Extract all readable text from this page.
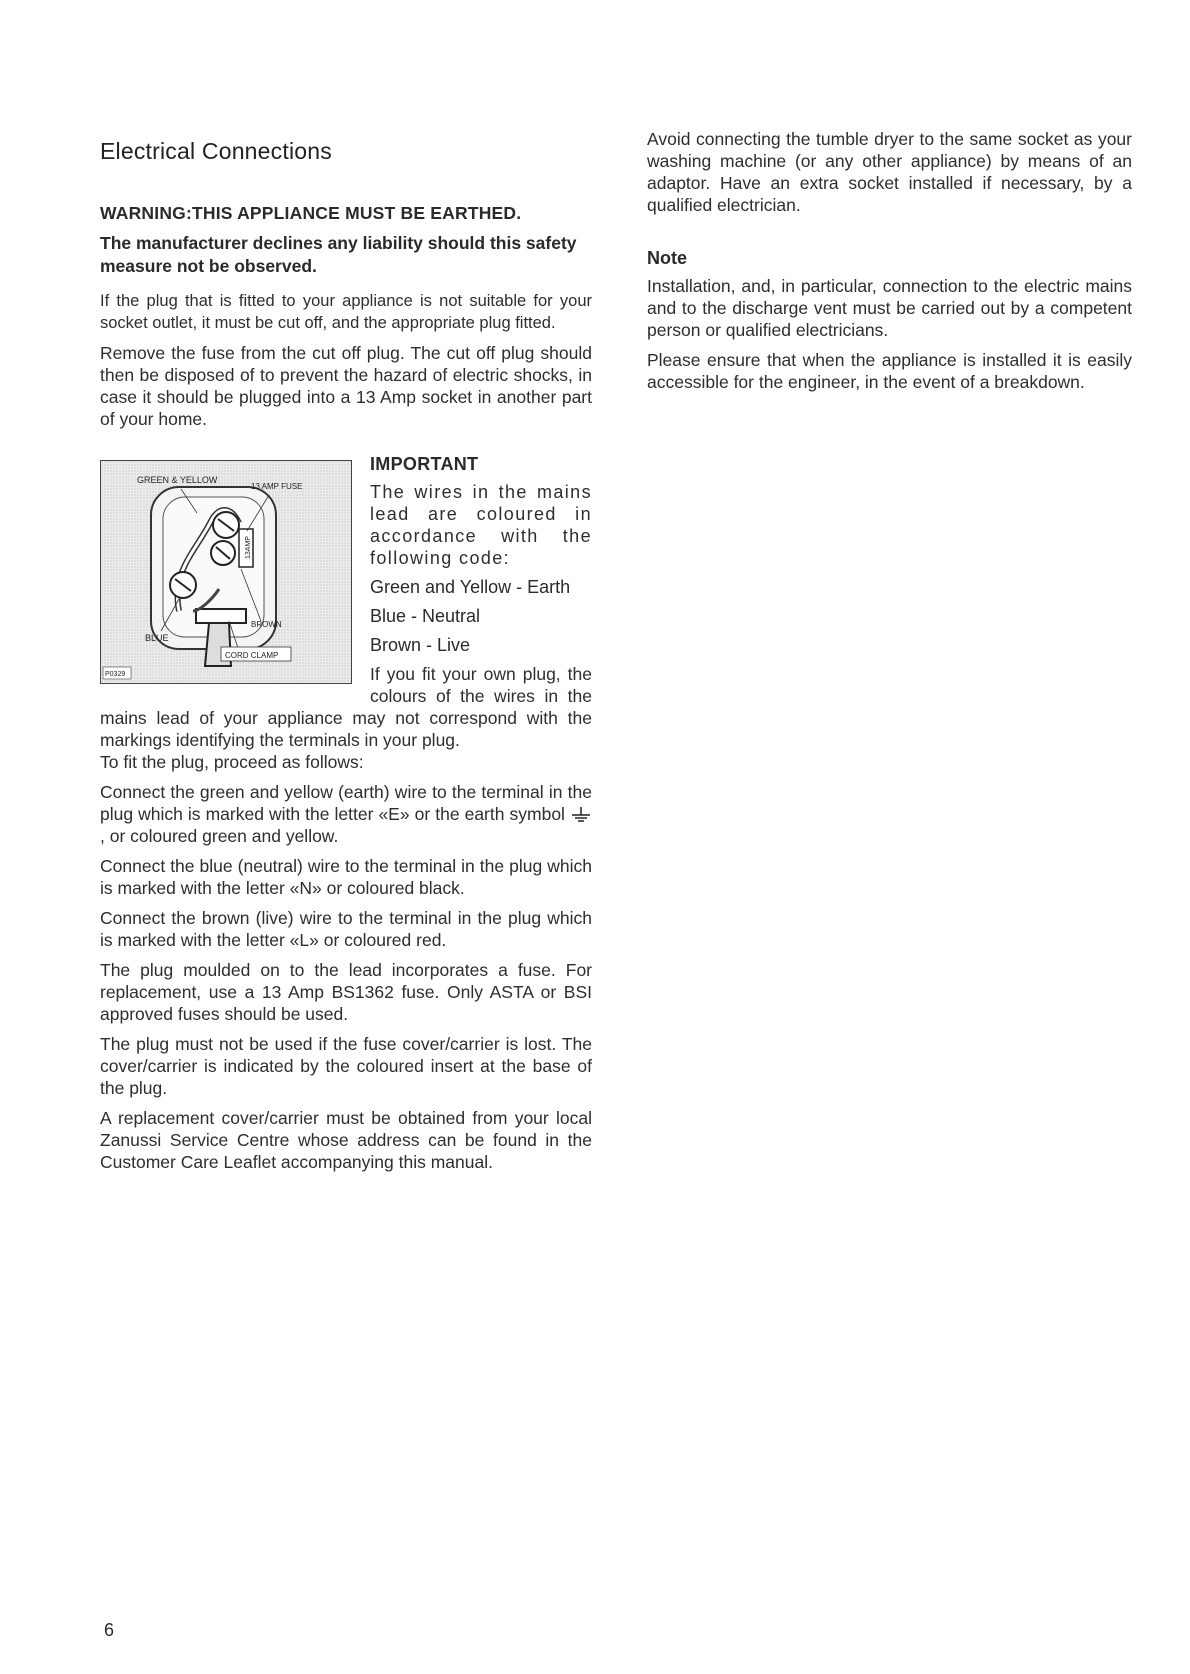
Electrical Connections
WARNING:THIS APPLIANCE MUST BE EARTHED.
The manufacturer declines any liability should this safety measure not be observed.

If the plug that is fitted to your appliance is not suitable for your socket outlet, it must be cut off, and the appropriate plug fitted.

Remove the fuse from the cut off plug. The cut off plug should then be disposed of to prevent the hazard of electric shocks, in case it should be plugged into a 13 Amp socket in another part of your home.

13AMP
GREEN & YELLOW
13 AMP FUSE
BLUE
BROWN
CORD CLAMP
P0329
IMPORTANT

The wires in the mains lead are coloured in accordance with the following code:

Green and Yellow - Earth
Blue - Neutral
Brown - Live

If you fit your own plug, the colours of the wires in the mains lead of your appliance may not correspond with the markings identifying the terminals in your plug.

To fit the plug, proceed as follows:

Connect the green and yellow (earth) wire to the terminal in the plug which is marked with the letter «E» or the earth symbol , or coloured green and yellow.

Connect the blue (neutral) wire to the terminal in the plug which is marked with the letter «N» or coloured black.

Connect the brown (live) wire to the terminal in the plug which is marked with the letter «L» or coloured red.

The plug moulded on to the lead incorporates a fuse. For replacement, use a 13 Amp BS1362 fuse. Only ASTA or BSI approved fuses should be used.

The plug must not be used if the fuse cover/carrier is lost. The cover/carrier is indicated by the coloured insert at the base of the plug.

A replacement cover/carrier must be obtained from your local Zanussi Service Centre whose address can be found in the Customer Care Leaflet accompanying this manual.

Avoid connecting the tumble dryer to the same socket as your washing machine (or any other appliance) by means of an adaptor. Have an extra socket installed if necessary, by a qualified electrician.

Note

Installation, and, in particular, connection to the electric mains and to the discharge vent must be carried out by a competent person or qualified electricians.

Please ensure that when the appliance is installed it is easily accessible for the engineer, in the event of a breakdown.

6
